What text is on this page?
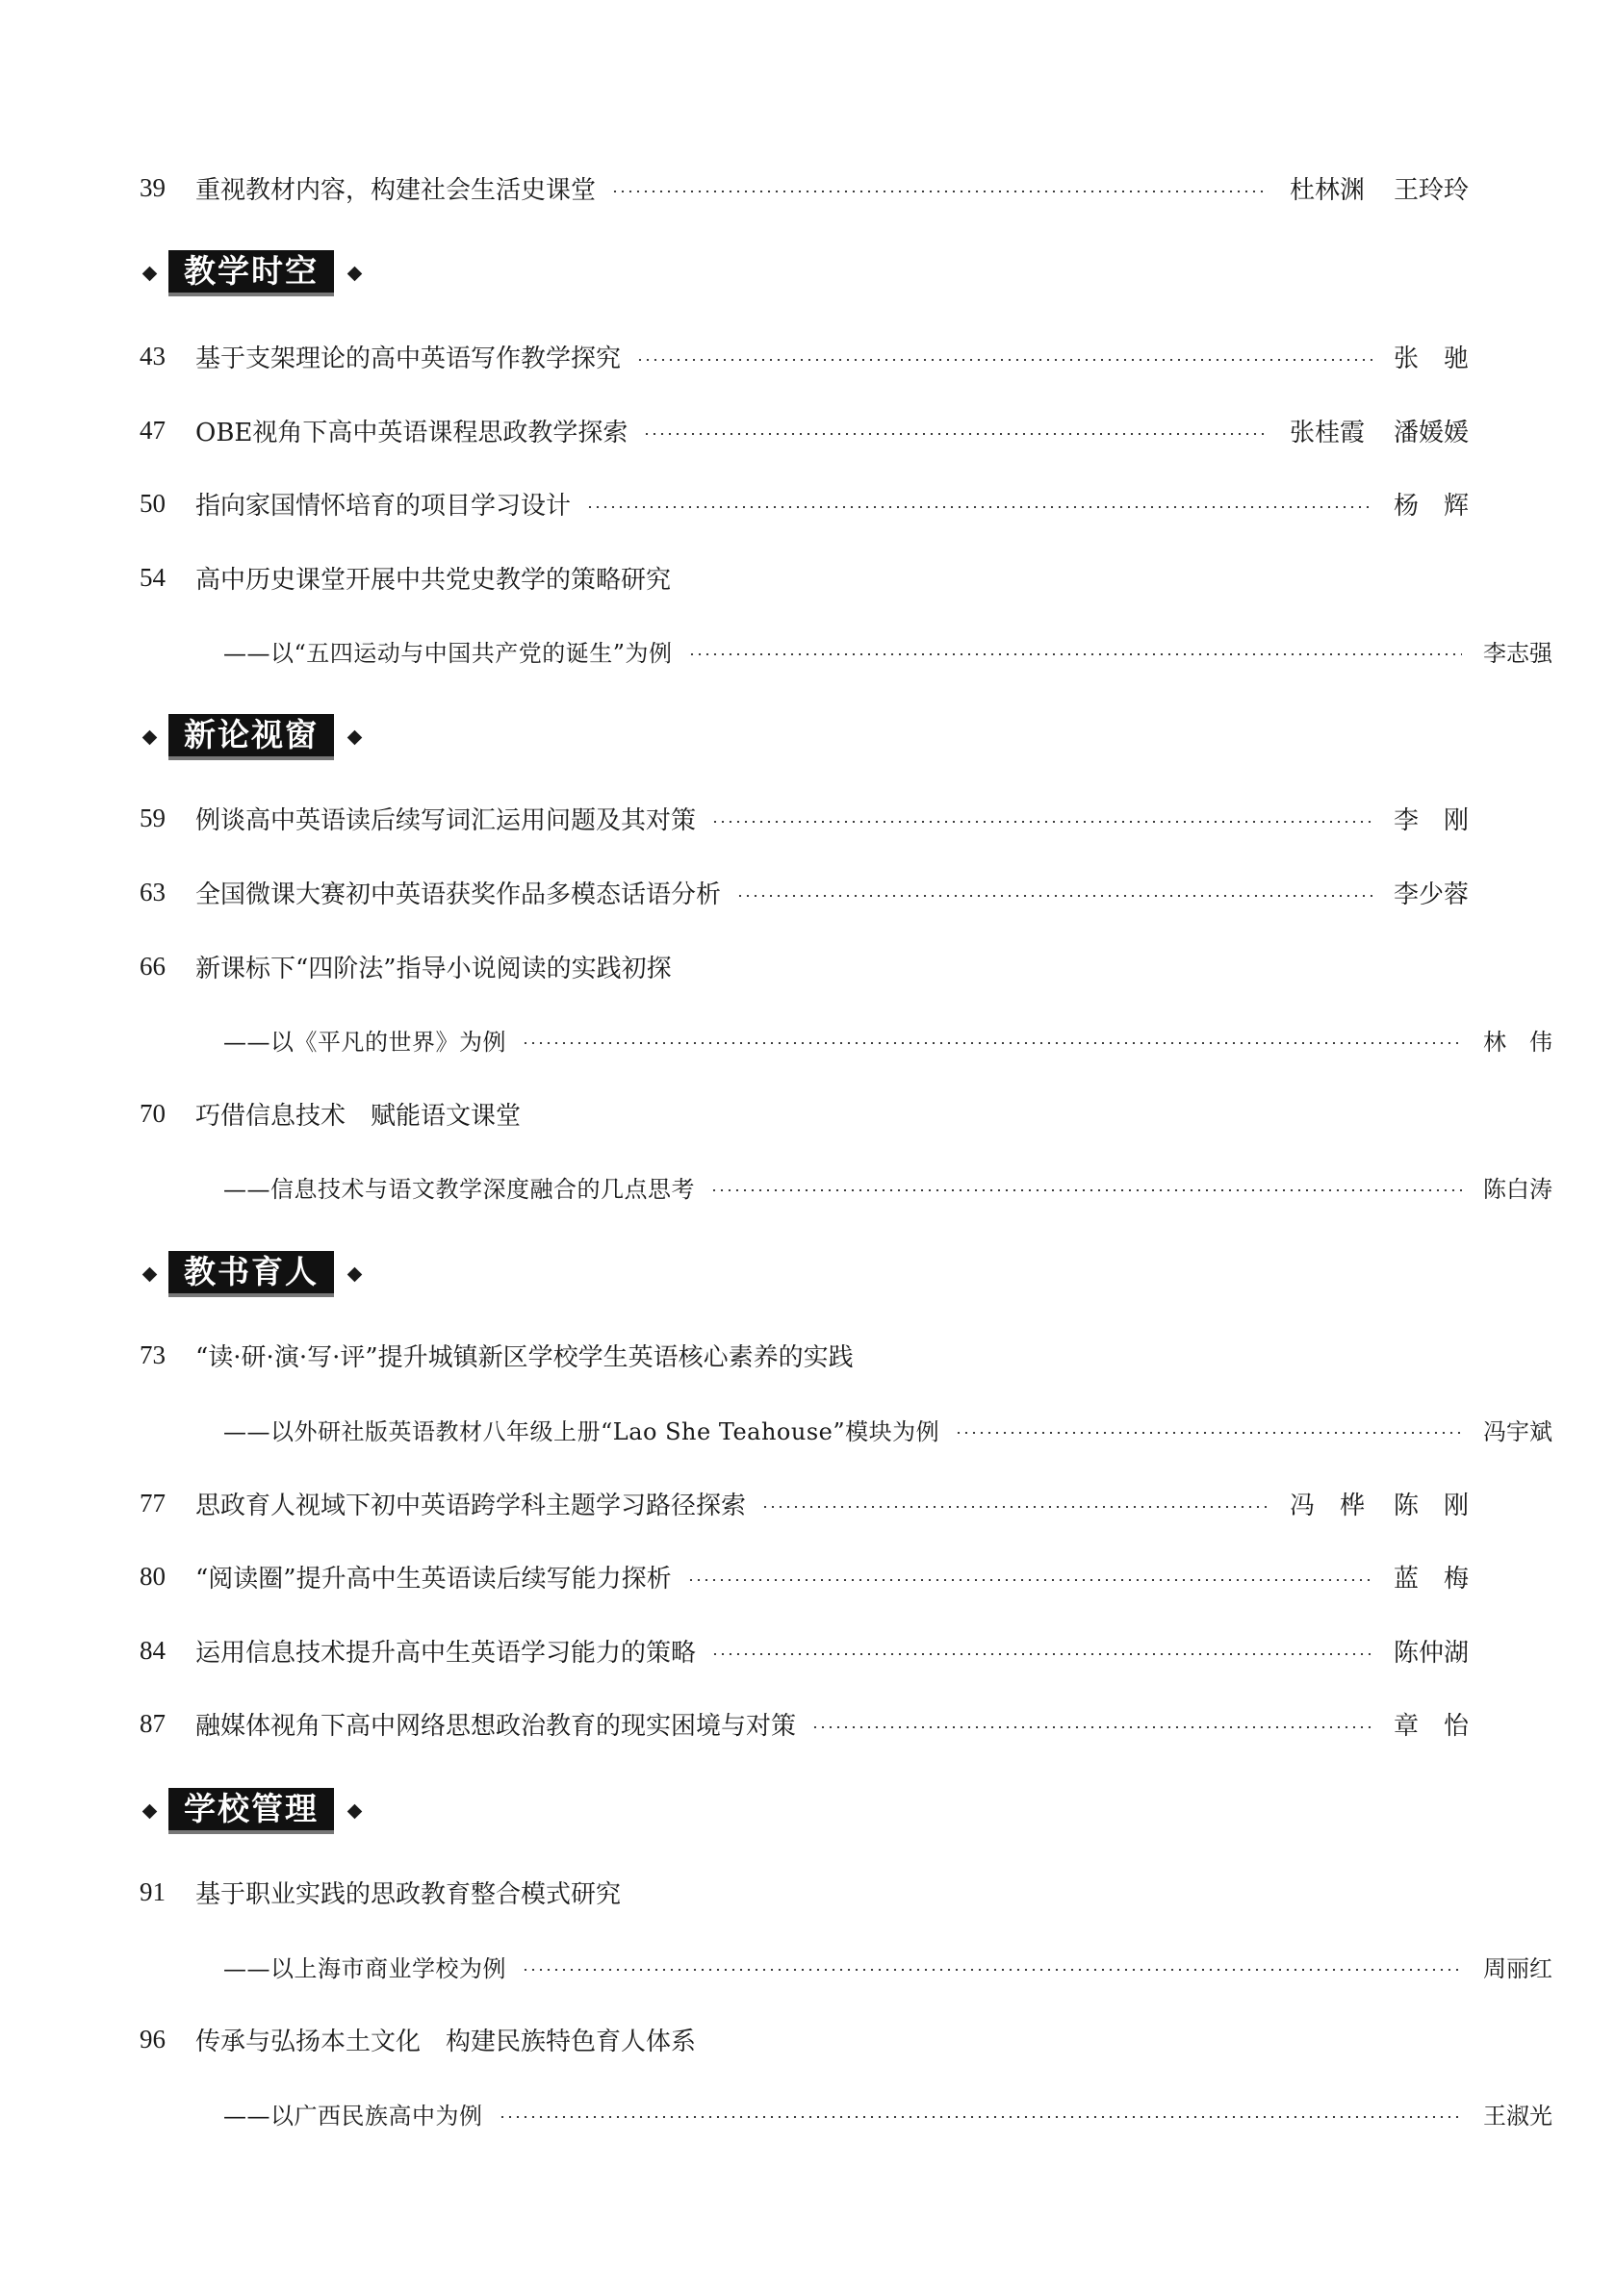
39	重视教材内容，构建社会生活史课堂	杜林渊 王玲玲
教学时空
43	基于支架理论的高中英语写作教学探究	张　驰
47	OBE视角下高中英语课程思政教学探索	张桂霞 潘媛媛
50	指向家国情怀培育的项目学习设计	杨　辉
54	高中历史课堂开展中共党史教学的策略研究
——以“五四运动与中国共产党的诞生”为例	李志强
新论视窗
59	例谈高中英语读后续写词汇运用问题及其对策	李　刚
63	全国微课大赛初中英语获奖作品多模态话语分析	李少蓉
66	新课标下“四阶法”指导小说阅读的实践初探
——以《平凡的世界》为例	林　伟
70	巧借信息技术　赋能语文课堂
——信息技术与语文教学深度融合的几点思考	陈白涛
教书育人
73	“读·研·演·写·评”提升城镇新区学校学生英语核心素养的实践
——以外研社版英语教材八年级上册“Lao She Teahouse”模块为例	冯宇斌
77	思政育人视域下初中英语跨学科主题学习路径探索	冯　桦 陈　刚
80	“阅读圈”提升高中生英语读后续写能力探析	蓝　梅
84	运用信息技术提升高中生英语学习能力的策略	陈仲湖
87	融媒体视角下高中网络思想政治教育的现实困境与对策	章　怡
学校管理
91	基于职业实践的思政教育整合模式研究
——以上海市商业学校为例	周丽红
96	传承与弘扬本土文化　构建民族特色育人体系
——以广西民族高中为例	王淑光
